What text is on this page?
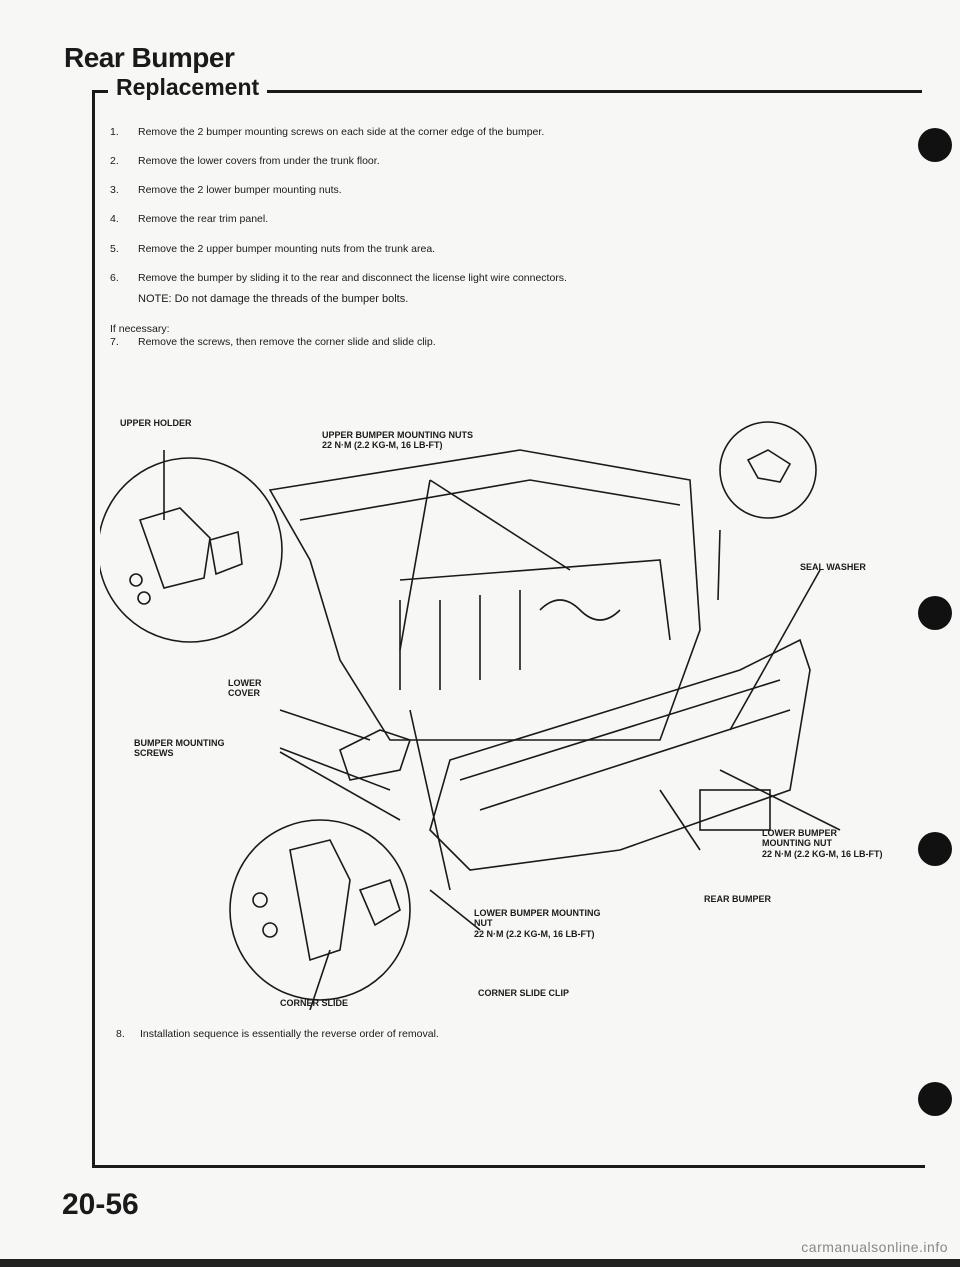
Rear Bumper
Replacement
1.	Remove the 2 bumper mounting screws on each side at the corner edge of the bumper.
2.	Remove the lower covers from under the trunk floor.
3.	Remove the 2 lower bumper mounting nuts.
4.	Remove the rear trim panel.
5.	Remove the 2 upper bumper mounting nuts from the trunk area.
6.	Remove the bumper by sliding it to the rear and disconnect the license light wire connectors.
NOTE: Do not damage the threads of the bumper bolts.
If necessary:
7.	Remove the screws, then remove the corner slide and slide clip.
UPPER HOLDER
UPPER BUMPER MOUNTING NUTS
22 N·M (2.2 KG-M, 16 LB-FT)
SEAL WASHER
LOWER
COVER
BUMPER MOUNTING
SCREWS
LOWER BUMPER
MOUNTING NUT
22 N·M (2.2 KG-M, 16 LB-FT)
REAR BUMPER
LOWER BUMPER MOUNTING
NUT
22 N·M (2.2 KG-M, 16 LB-FT)
CORNER SLIDE CLIP
CORNER SLIDE
8.	Installation sequence is essentially the reverse order of removal.
20-56
carmanualsonline.info
